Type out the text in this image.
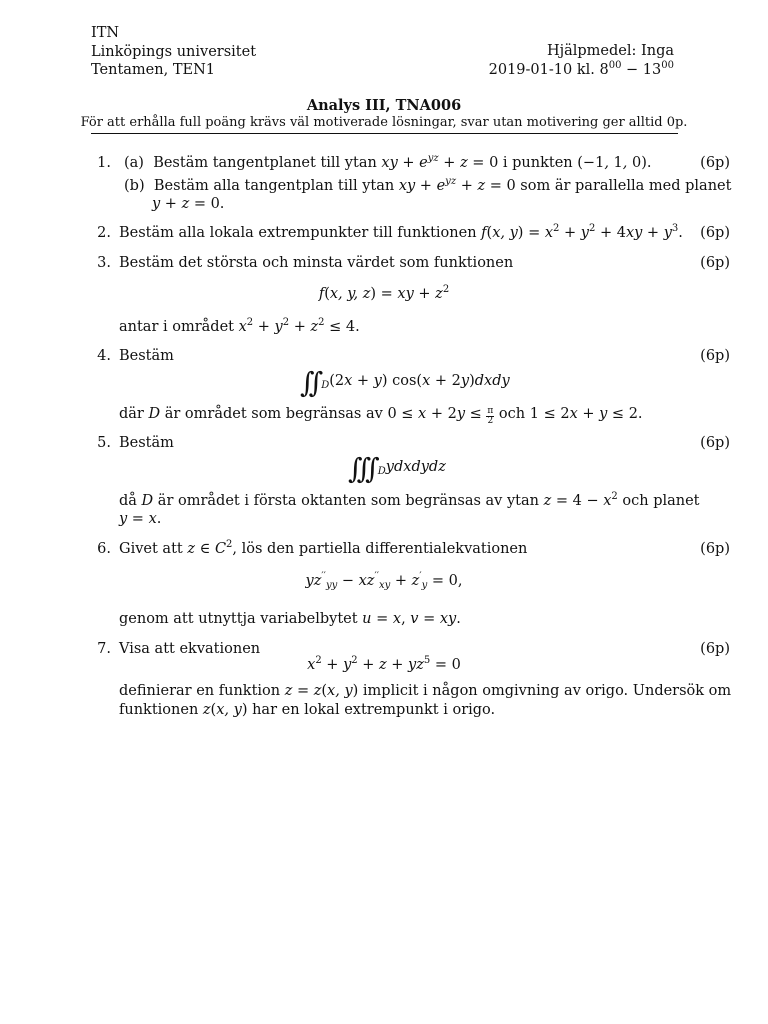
ITN
Linköpings universitet
Tentamen, TEN1
Hjälpmedel: Inga
2019-01-10 kl. $8^{00} - 13^{00}$
Analys III, TNA006
För att erhålla full poäng krävs väl motiverade lösningar, svar utan motivering ger alltid 0p.
1. (a) Bestäm tangentplanet till ytan xy + $e^{yz} + z = 0$ i punkten (−1, 1, 0).	(6p)
(b) Bestäm alla tangentplan till ytan xy + $e^{yz} + z = 0$ som är parallella med planet
y + z = 0.
2. Bestäm alla lokala extrempunkter till funktionen f(x, $y) = x^2 + y^2 + 4xy + y^3$. (6p)
3. Bestäm det största och minsta värdet som funktionen	(6p)
f(x, y, z) = xy + $z^2$
antar i området $x^2 + y^2 + z^2 \le 4$.
4. Bestäm	(6p)
∫∫ $_D$(2x + y) cos(x + 2y)dxdy
där D är området som begränsas av $0 \le x + 2y \le \frac{\pi}{2}$ och 1 ≤ 2x + y ≤ 2.
5. Bestäm	(6p)
∫∫∫ $_D$ydxdydz
då D är området i första oktanten som begränsas av ytan $z = 4 - x^2$ och planet
y = x.
6. Givet att z ∈ $C^2$, lös den partiella differentialekvationen	(6p)
$yz''_{yy} - xz''_{xy} + z'_y = 0$,
genom att utnyttja variabelbytet u = x, v = xy.
7. Visa att ekvationen	(6p)
$x^2 + y^2 + z + yz^5 = 0$
definierar en funktion z = z(x, y) implicit i någon omgivning av origo. Undersök om
funktionen z(x, y) har en lokal extrempunkt i origo.
